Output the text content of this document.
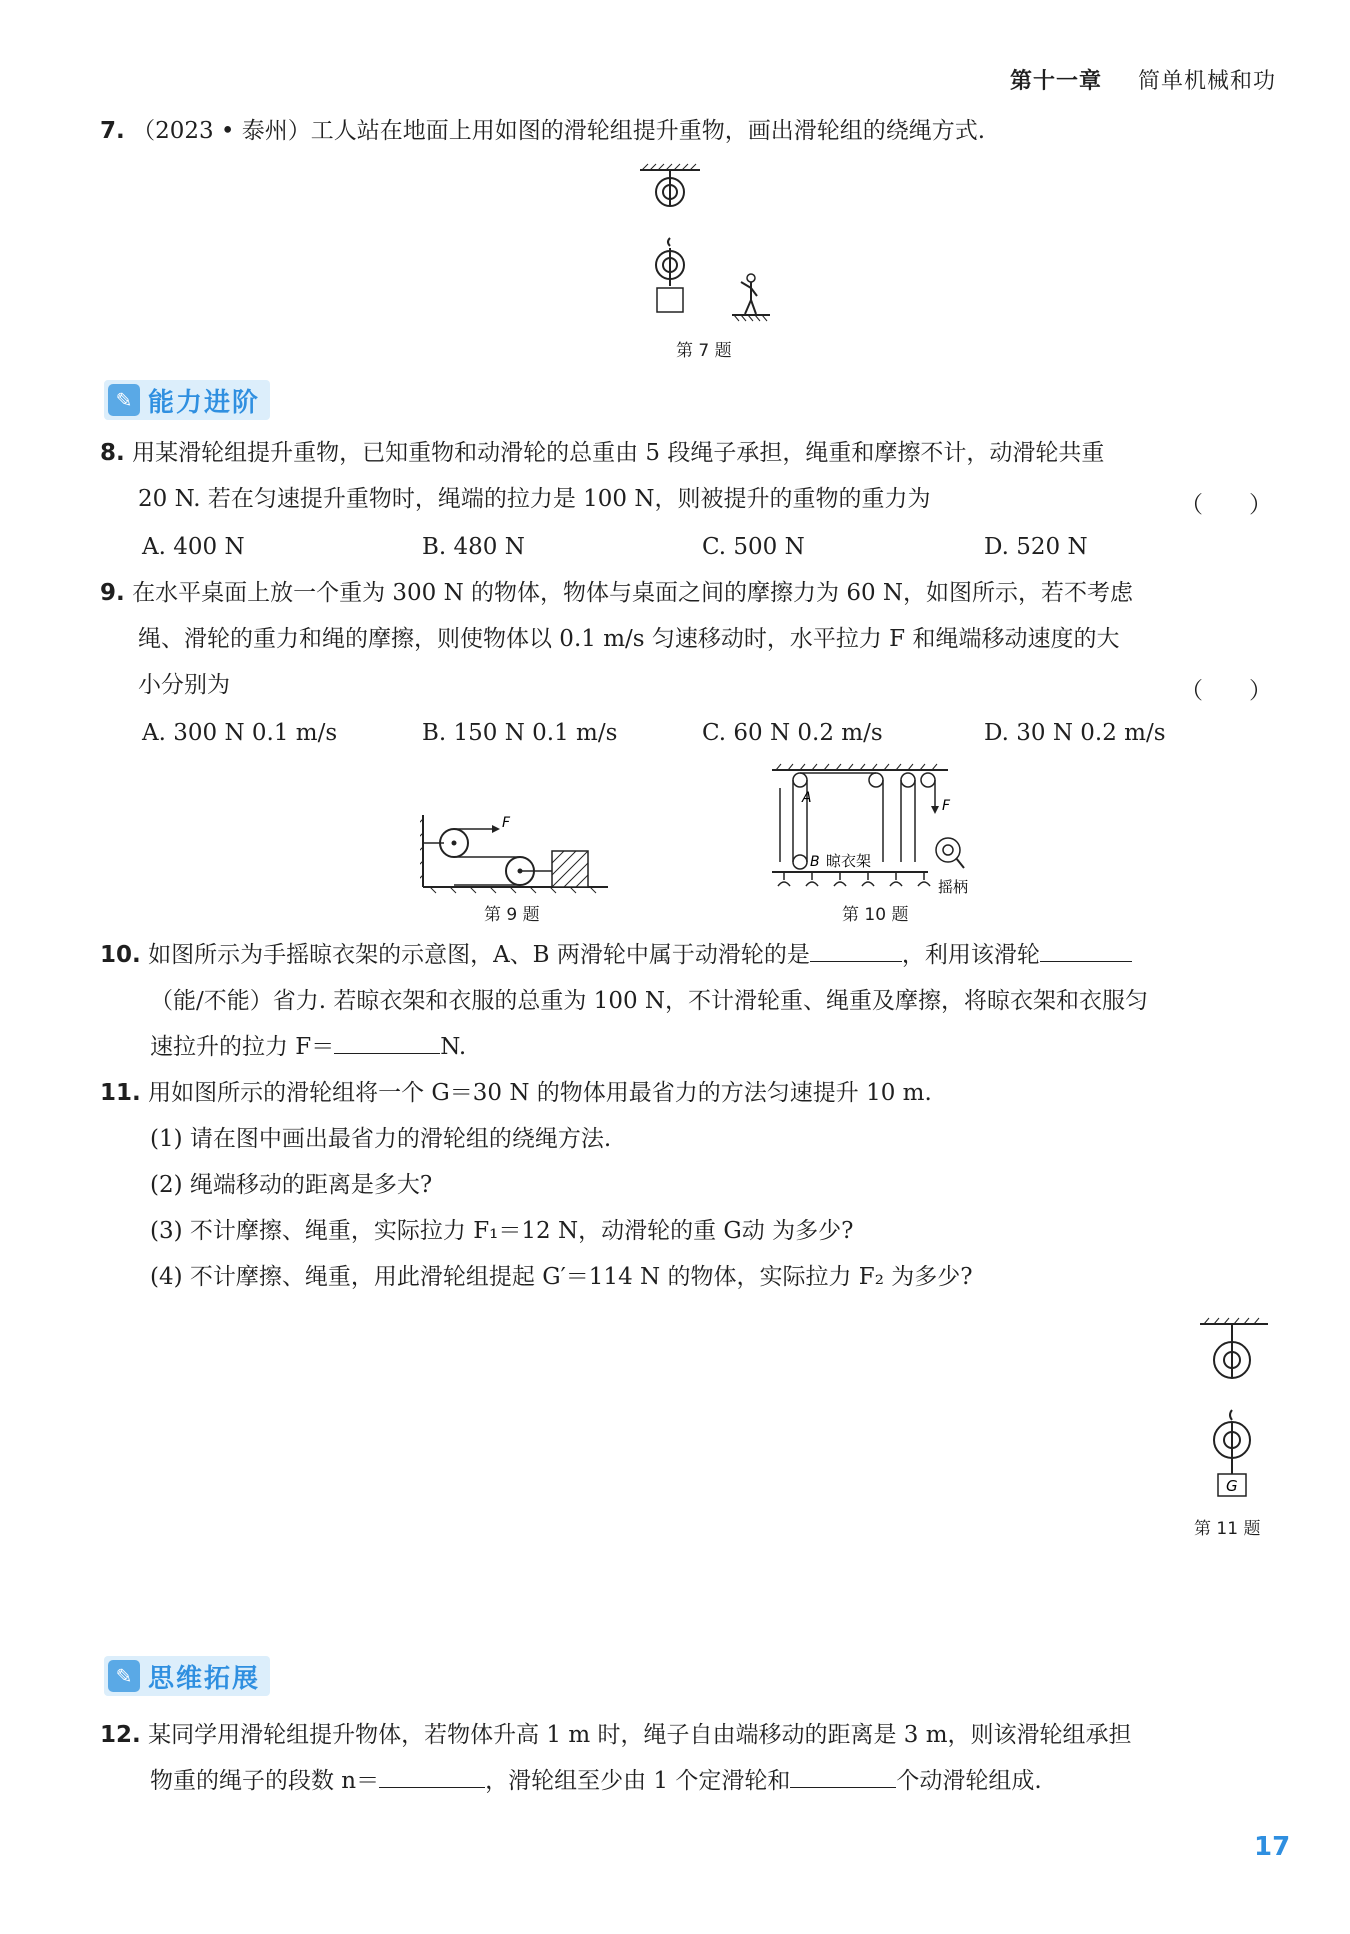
第十一章 简单机械和功
7. （2023 • 泰州）工人站在地面上用如图的滑轮组提升重物，画出滑轮组的绕绳方式.
第 7 题
✎ 能力进阶
8. 用某滑轮组提升重物，已知重物和动滑轮的总重由 5 段绳子承担，绳重和摩擦不计，动滑轮共重
20 N. 若在匀速提升重物时，绳端的拉力是 100 N，则被提升的重物的重力为	（　　）
A. 400 N	B. 480 N	C. 500 N	D. 520 N
9. 在水平桌面上放一个重为 300 N 的物体，物体与桌面之间的摩擦力为 60 N，如图所示，若不考虑
绳、滑轮的重力和绳的摩擦，则使物体以 0.1 m/s 匀速移动时，水平拉力 F 和绳端移动速度的大
小分别为	（　　）
A. 300 N 0.1 m/s	B. 150 N 0.1 m/s	C. 60 N 0.2 m/s	D. 30 N 0.2 m/s
F
第 9 题
F
A
B 晾衣架
摇柄
第 10 题
10. 如图所示为手摇晾衣架的示意图，A、B 两滑轮中属于动滑轮的是	，利用该滑轮
（能/不能）省力. 若晾衣架和衣服的总重为 100 N，不计滑轮重、绳重及摩擦，将晾衣架和衣服匀
速拉升的拉力 F＝	N.
11. 用如图所示的滑轮组将一个 G＝30 N 的物体用最省力的方法匀速提升 10 m.
(1) 请在图中画出最省力的滑轮组的绕绳方法.
(2) 绳端移动的距离是多大?
(3) 不计摩擦、绳重，实际拉力 F₁＝12 N，动滑轮的重 G动 为多少?
(4) 不计摩擦、绳重，用此滑轮组提起 G′＝114 N 的物体，实际拉力 F₂ 为多少?
G
第 11 题
✎ 思维拓展
12. 某同学用滑轮组提升物体，若物体升高 1 m 时，绳子自由端移动的距离是 3 m，则该滑轮组承担
物重的绳子的段数 n＝	，滑轮组至少由 1 个定滑轮和	个动滑轮组成.
17
